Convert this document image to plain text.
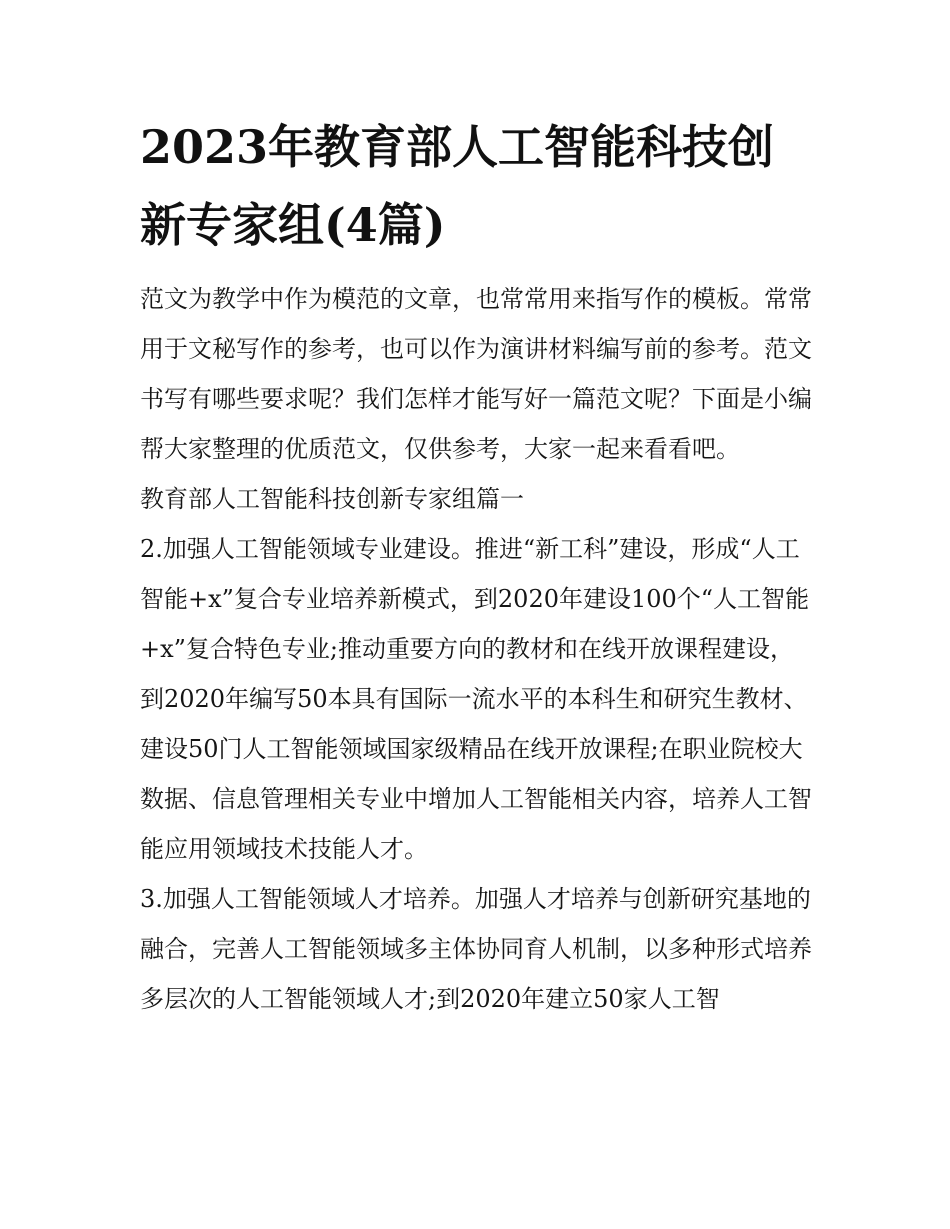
2023年教育部人工智能科技创新专家组(4篇)

范文为教学中作为模范的文章，也常常用来指写作的模板。常常用于文秘写作的参考，也可以作为演讲材料编写前的参考。范文书写有哪些要求呢？我们怎样才能写好一篇范文呢？下面是小编帮大家整理的优质范文，仅供参考，大家一起来看看吧。

教育部人工智能科技创新专家组篇一

2.加强人工智能领域专业建设。推进“新工科”建设，形成“人工智能+x”复合专业培养新模式，到2020年建设100个“人工智能+x”复合特色专业;推动重要方向的教材和在线开放课程建设，到2020年编写50本具有国际一流水平的本科生和研究生教材、建设50门人工智能领域国家级精品在线开放课程;在职业院校大数据、信息管理相关专业中增加人工智能相关内容，培养人工智能应用领域技术技能人才。

3.加强人工智能领域人才培养。加强人才培养与创新研究基地的融合，完善人工智能领域多主体协同育人机制，以多种形式培养多层次的人工智能领域人才;到2020年建立50家人工智
